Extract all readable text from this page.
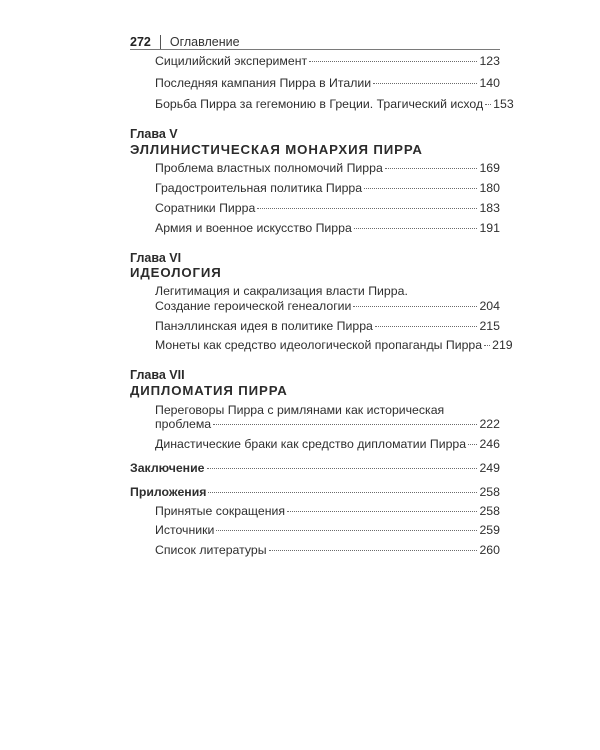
272 Оглавление
Сицилийский эксперимент	123
Последняя кампания Пирра в Италии	140
Борьба Пирра за гегемонию в Греции. Трагический исход 153
Глава V
ЭЛЛИНИСТИЧЕСКАЯ МОНАРХИЯ ПИРРА
Проблема властных полномочий Пирра	169
Градостроительная политика Пирра	180
Соратники Пирра	183
Армия и военное искусство Пирра	191
Глава VI
ИДЕОЛОГИЯ
Легитимация и сакрализация власти Пирра.
Создание героической генеалогии	204
Панэллинская идея в политике Пирра	215
Монеты как средство идеологической пропаганды Пирра 219
Глава VII
ДИПЛОМАТИЯ ПИРРА
Переговоры Пирра с римлянами как историческая
проблема	222
Династические браки как средство дипломатии Пирра 246
Заключение	249
Приложения	258
Принятые сокращения	258
Источники	259
Список литературы	260
